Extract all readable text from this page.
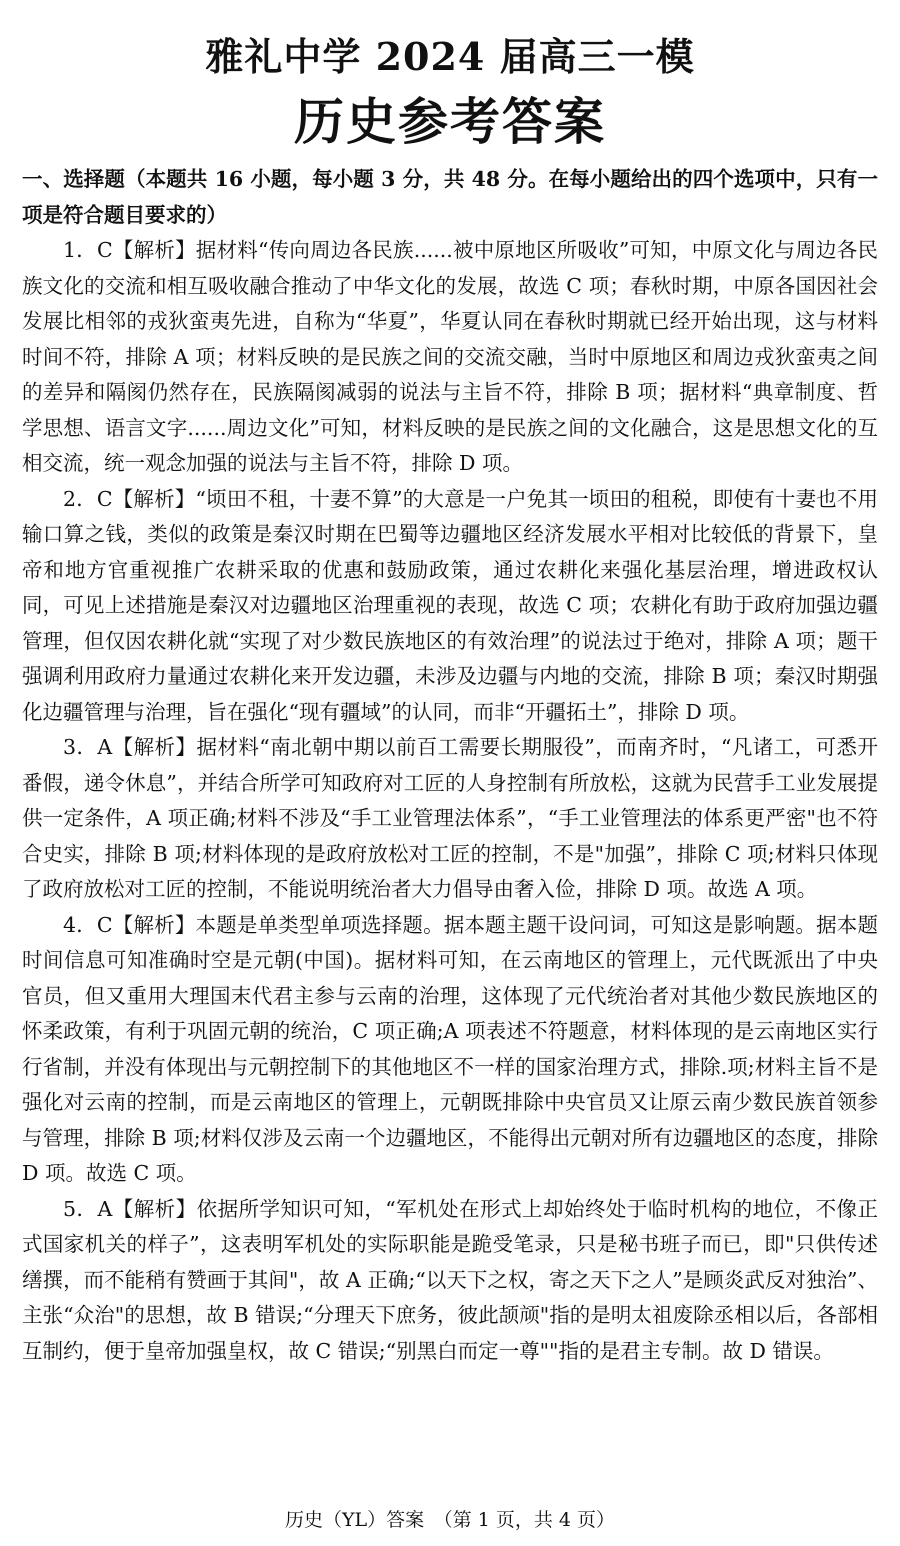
雅礼中学 2024 届高三一模
历史参考答案

一、选择题（本题共 16 小题，每小题 3 分，共 48 分。在每小题给出的四个选项中，只有一项是符合题目要求的）

1．C【解析】据材料“传向周边各民族......被中原地区所吸收”可知，中原文化与周边各民族文化的交流和相互吸收融合推动了中华文化的发展，故选 C 项；春秋时期，中原各国因社会发展比相邻的戎狄蛮夷先进，自称为“华夏”，华夏认同在春秋时期就已经开始出现，这与材料时间不符，排除 A 项；材料反映的是民族之间的交流交融，当时中原地区和周边戎狄蛮夷之间的差异和隔阂仍然存在，民族隔阂减弱的说法与主旨不符，排除 B 项；据材料“典章制度、哲学思想、语言文字......周边文化”可知，材料反映的是民族之间的文化融合，这是思想文化的互相交流，统一观念加强的说法与主旨不符，排除 D 项。

2．C【解析】“顷田不租，十妻不算”的大意是一户免其一顷田的租税，即使有十妻也不用输口算之钱，类似的政策是秦汉时期在巴蜀等边疆地区经济发展水平相对比较低的背景下，皇帝和地方官重视推广农耕采取的优惠和鼓励政策，通过农耕化来强化基层治理，增进政权认同，可见上述措施是秦汉对边疆地区治理重视的表现，故选 C 项；农耕化有助于政府加强边疆管理，但仅因农耕化就“实现了对少数民族地区的有效治理”的说法过于绝对，排除 A 项；题干强调利用政府力量通过农耕化来开发边疆，未涉及边疆与内地的交流，排除 B 项；秦汉时期强化边疆管理与治理，旨在强化“现有疆域”的认同，而非“开疆拓土”，排除 D 项。

3．A【解析】据材料“南北朝中期以前百工需要长期服役”，而南齐时，“凡诸工，可悉开番假，递令休息”，并结合所学可知政府对工匠的人身控制有所放松，这就为民营手工业发展提供一定条件，A 项正确;材料不涉及“手工业管理法体系”，“手工业管理法的体系更严密"也不符合史实，排除 B 项;材料体现的是政府放松对工匠的控制，不是"加强”，排除 C 项;材料只体现了政府放松对工匠的控制，不能说明统治者大力倡导由奢入俭，排除 D 项。故选 A 项。

4．C【解析】本题是单类型单项选择题。据本题主题干设问词，可知这是影响题。据本题时间信息可知准确时空是元朝(中国)。据材料可知，在云南地区的管理上，元代既派出了中央官员，但又重用大理国末代君主参与云南的治理，这体现了元代统治者对其他少数民族地区的怀柔政策，有利于巩固元朝的统治，C 项正确;A 项表述不符题意，材料体现的是云南地区实行行省制，并没有体现出与元朝控制下的其他地区不一样的国家治理方式，排除.项;材料主旨不是强化对云南的控制，而是云南地区的管理上，元朝既排除中央官员又让原云南少数民族首领参与管理，排除 B 项;材料仅涉及云南一个边疆地区，不能得出元朝对所有边疆地区的态度，排除 D 项。故选 C 项。

5．A【解析】依据所学知识可知，“军机处在形式上却始终处于临时机构的地位，不像正式国家机关的样子”，这表明军机处的实际职能是跪受笔录，只是秘书班子而已，即"只供传述缮撰，而不能稍有赞画于其间"，故 A 正确;“以天下之权，寄之天下之人”是顾炎武反对独治”、主张“众治"的思想，故 B 错误;“分理天下庶务，彼此颉颃"指的是明太祖废除丞相以后，各部相互制约，便于皇帝加强皇权，故 C 错误;“别黑白而定一尊""指的是君主专制。故 D 错误。

历史（YL）答案　（第 1 页，共 4 页）
